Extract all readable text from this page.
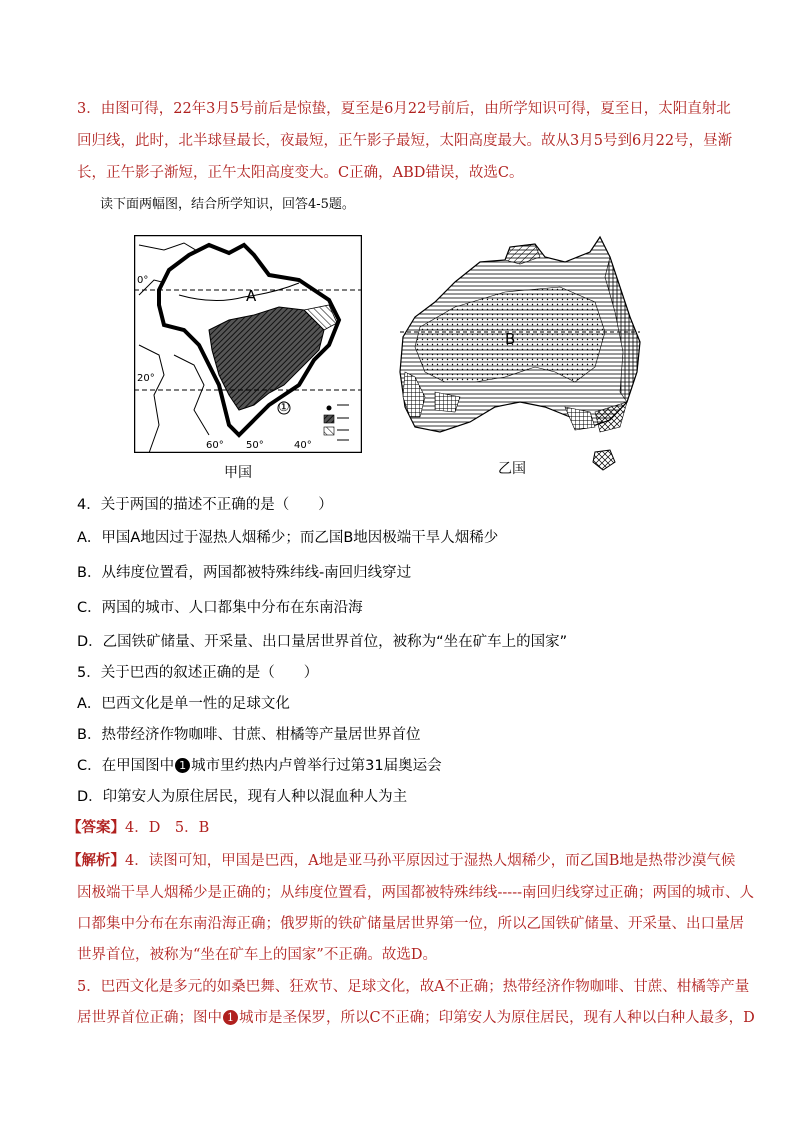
3．由图可得，22年3月5号前后是惊蛰，夏至是6月22号前后，由所学知识可得，夏至日，太阳直射北
回归线，此时，北半球昼最长，夜最短，正午影子最短，太阳高度最大。故从3月5号到6月22号，昼渐
长，正午影子渐短，正午太阳高度变大。C正确，ABD错误，故选C。
读下面两幅图，结合所学知识，回答4-5题。
A
①
0°
20°
60° 50°	40°
甲国
B
乙国
4．关于两国的描述不正确的是（　　）
A．甲国A地因过于湿热人烟稀少；而乙国B地因极端干旱人烟稀少
B．从纬度位置看，两国都被特殊纬线-南回归线穿过
C．两国的城市、人口都集中分布在东南沿海
D．乙国铁矿储量、开采量、出口量居世界首位，被称为“坐在矿车上的国家”
5．关于巴西的叙述正确的是（　　）
A．巴西文化是单一性的足球文化
B．热带经济作物咖啡、甘蔗、柑橘等产量居世界首位
C．在甲国图中 1 城市里约热内卢曾举行过第31届奥运会
D．印第安人为原住居民，现有人种以混血种人为主
【答案】4．D　5．B
【解析】4．读图可知，甲国是巴西，A地是亚马孙平原因过于湿热人烟稀少，而乙国B地是热带沙漠气候
因极端干旱人烟稀少是正确的；从纬度位置看，两国都被特殊纬线-----南回归线穿过正确；两国的城市、人
口都集中分布在东南沿海正确；俄罗斯的铁矿储量居世界第一位，所以乙国铁矿储量、开采量、出口量居
世界首位，被称为“坐在矿车上的国家”不正确。故选D。
5．巴西文化是多元的如桑巴舞、狂欢节、足球文化，故A不正确；热带经济作物咖啡、甘蔗、柑橘等产量
居世界首位正确；图中 1 城市是圣保罗，所以C不正确；印第安人为原住居民，现有人种以白种人最多，D
